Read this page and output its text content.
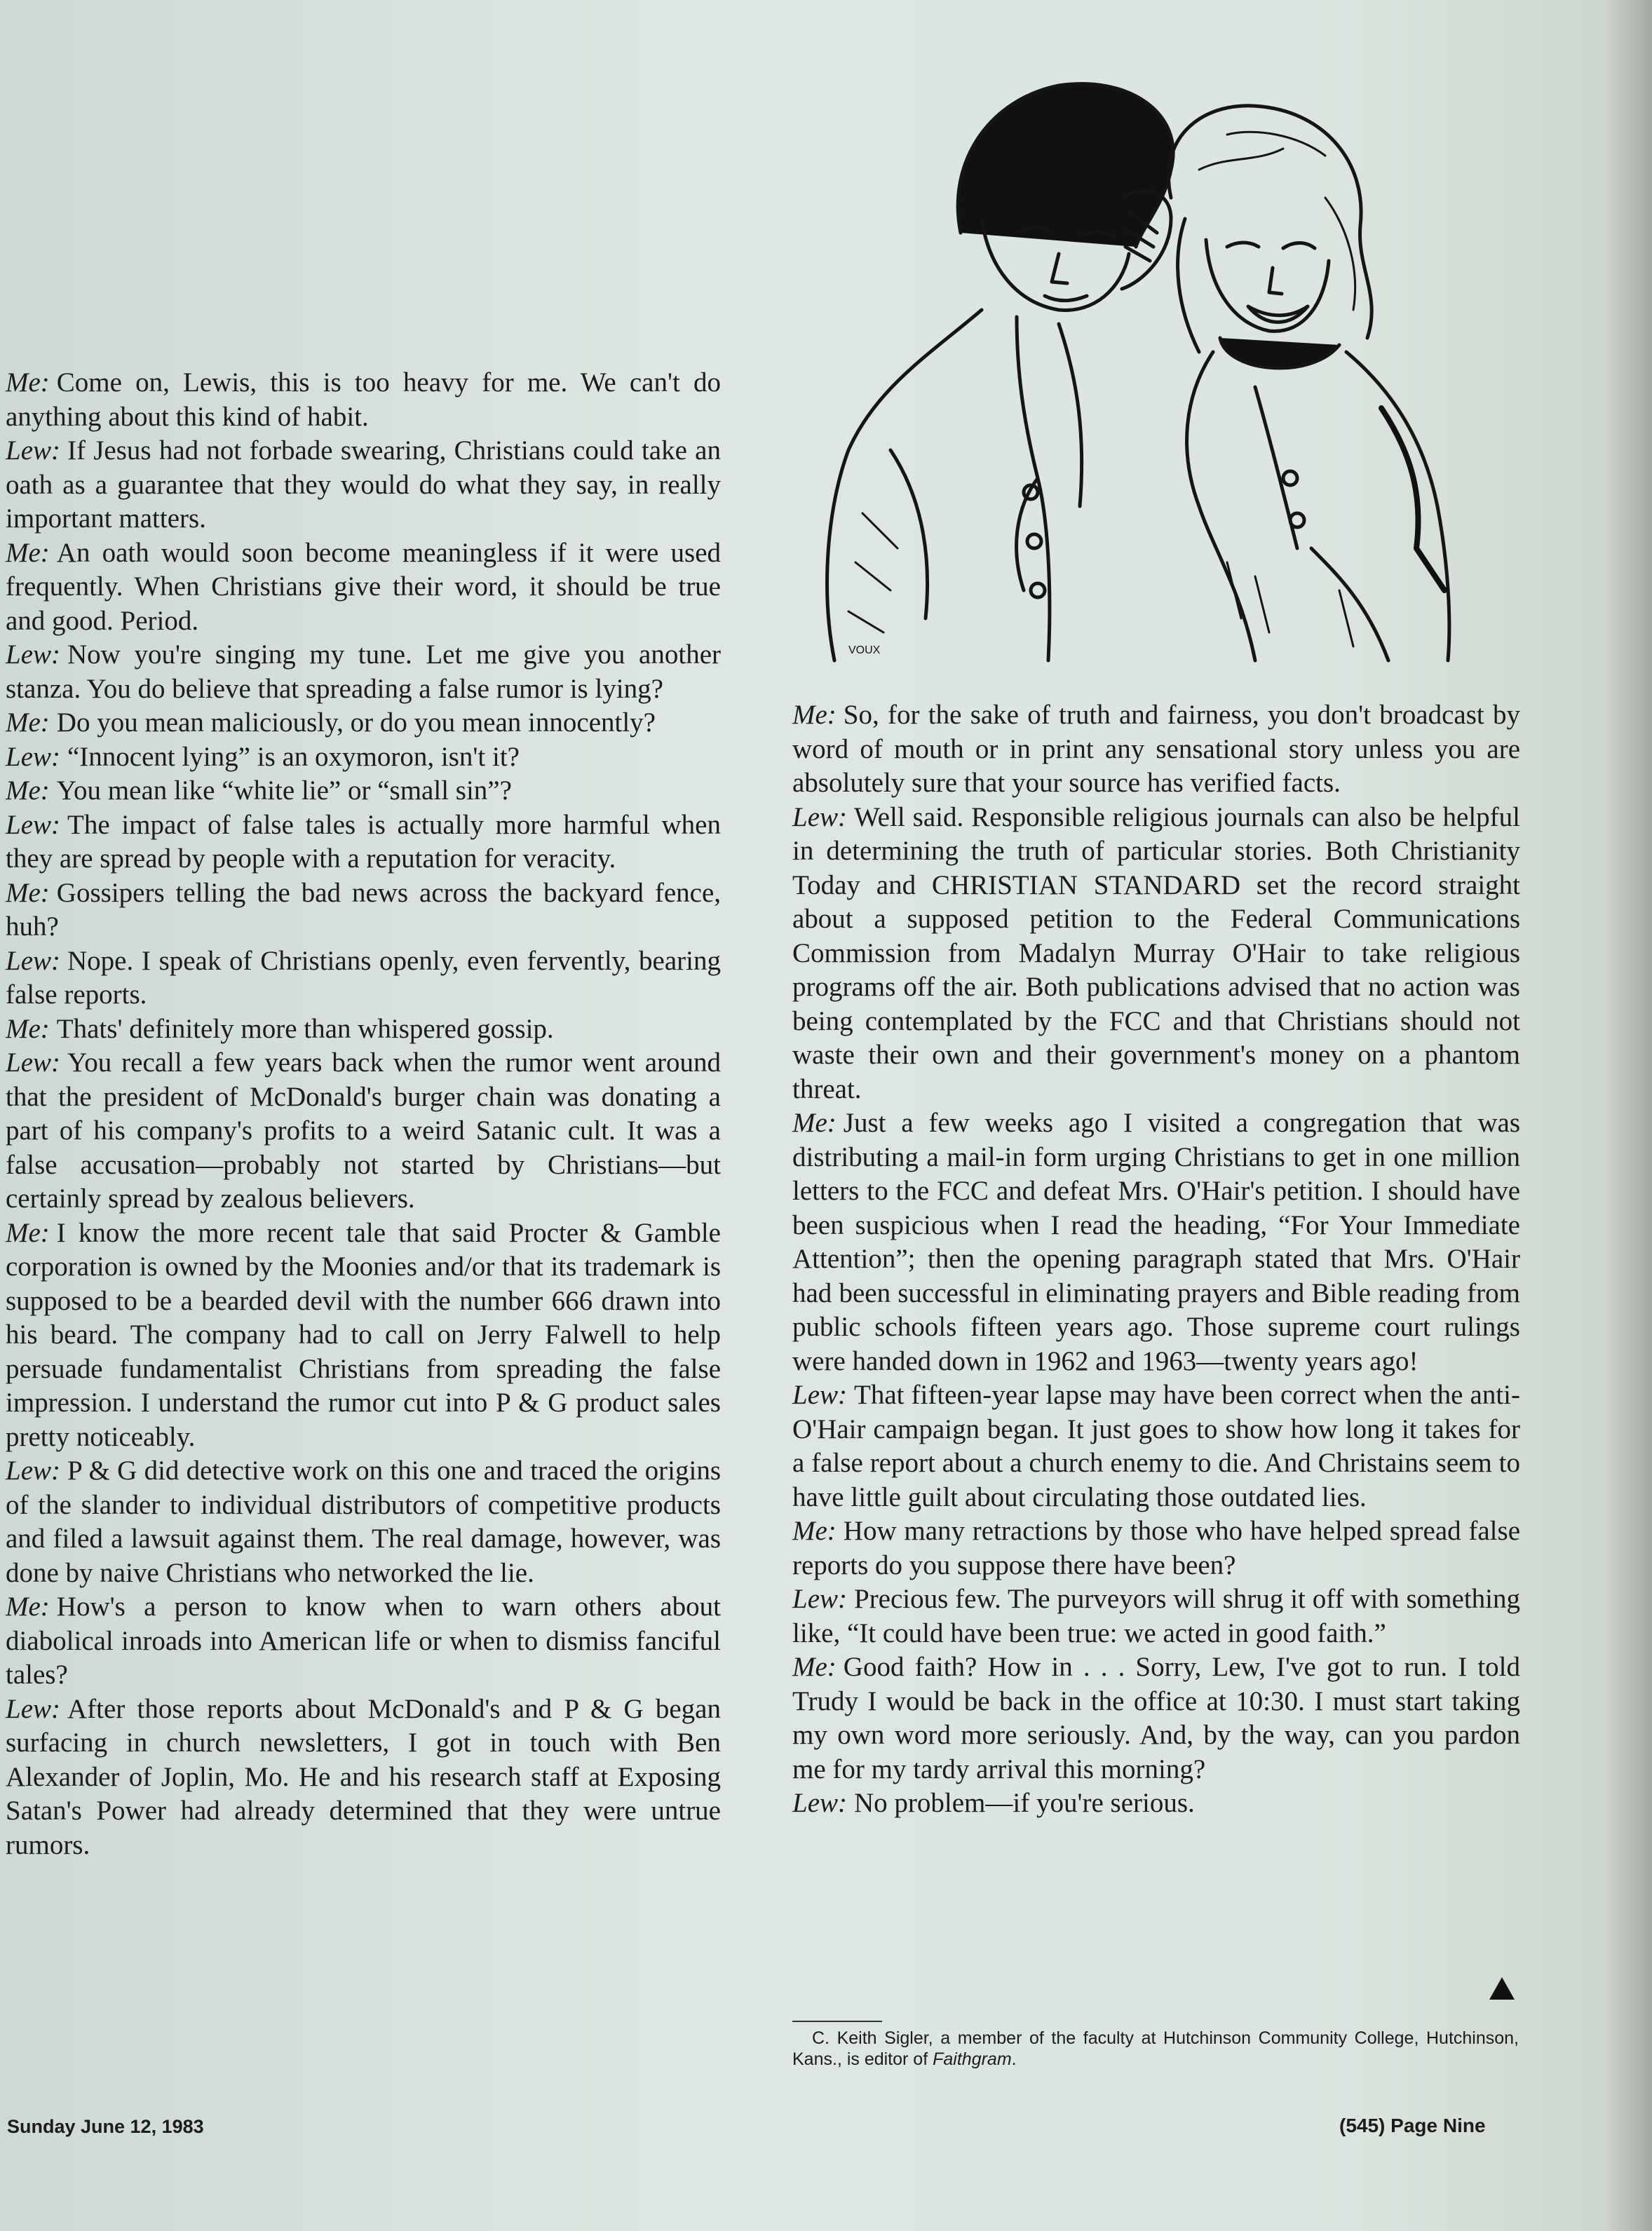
VOUX

Me: Come on, Lewis, this is too heavy for me. We can't do anything about this kind of habit.

Lew: If Jesus had not forbade swearing, Christians could take an oath as a guarantee that they would do what they say, in really important matters.

Me: An oath would soon become meaningless if it were used frequently. When Christians give their word, it should be true and good. Period.

Lew: Now you're singing my tune. Let me give you another stanza. You do believe that spreading a false rumor is lying?

Me: Do you mean maliciously, or do you mean innocently?

Lew: “Innocent lying” is an oxymoron, isn't it?

Me: You mean like “white lie” or “small sin”?

Lew: The impact of false tales is actually more harmful when they are spread by people with a reputation for veracity.

Me: Gossipers telling the bad news across the backyard fence, huh?

Lew: Nope. I speak of Christians openly, even fervently, bearing false reports.

Me: Thats' definitely more than whispered gossip.

Lew: You recall a few years back when the rumor went around that the president of McDonald's burger chain was donating a part of his company's profits to a weird Satanic cult. It was a false accusation—probably not started by Christians—but certainly spread by zealous believers.

Me: I know the more recent tale that said Procter & Gamble corporation is owned by the Moonies and/or that its trademark is supposed to be a bearded devil with the number 666 drawn into his beard. The company had to call on Jerry Falwell to help persuade fundamentalist Christians from spreading the false impression. I understand the rumor cut into P & G product sales pretty noticeably.

Lew: P & G did detective work on this one and traced the origins of the slander to individual distributors of competitive products and filed a lawsuit against them. The real damage, however, was done by naive Christians who networked the lie.

Me: How's a person to know when to warn others about diabolical inroads into American life or when to dismiss fanciful tales?

Lew: After those reports about McDonald's and P & G began surfacing in church newsletters, I got in touch with Ben Alexander of Joplin, Mo. He and his research staff at Exposing Satan's Power had already determined that they were untrue rumors.

Me: So, for the sake of truth and fairness, you don't broadcast by word of mouth or in print any sensational story unless you are absolutely sure that your source has verified facts.

Lew: Well said. Responsible religious journals can also be helpful in determining the truth of particular stories. Both Christianity Today and CHRISTIAN STANDARD set the record straight about a supposed petition to the Federal Communications Commission from Madalyn Murray O'Hair to take religious programs off the air. Both publications advised that no action was being contemplated by the FCC and that Christians should not waste their own and their government's money on a phantom threat.

Me: Just a few weeks ago I visited a congregation that was distributing a mail-in form urging Christians to get in one million letters to the FCC and defeat Mrs. O'Hair's petition. I should have been suspicious when I read the heading, “For Your Immediate Attention”; then the opening paragraph stated that Mrs. O'Hair had been successful in eliminating prayers and Bible reading from public schools fifteen years ago. Those supreme court rulings were handed down in 1962 and 1963—twenty years ago!

Lew: That fifteen-year lapse may have been correct when the anti-O'Hair campaign began. It just goes to show how long it takes for a false report about a church enemy to die. And Christains seem to have little guilt about circulating those outdated lies.

Me: How many retractions by those who have helped spread false reports do you suppose there have been?

Lew: Precious few. The purveyors will shrug it off with something like, “It could have been true: we acted in good faith.”

Me: Good faith? How in . . . Sorry, Lew, I've got to run. I told Trudy I would be back in the office at 10:30. I must start taking my own word more seriously. And, by the way, can you pardon me for my tardy arrival this morning?

Lew: No problem—if you're serious.

C. Keith Sigler, a member of the faculty at Hutchinson Community College, Hutchinson, Kans., is editor of Faithgram.
Sunday June 12, 1983	(545) Page Nine
